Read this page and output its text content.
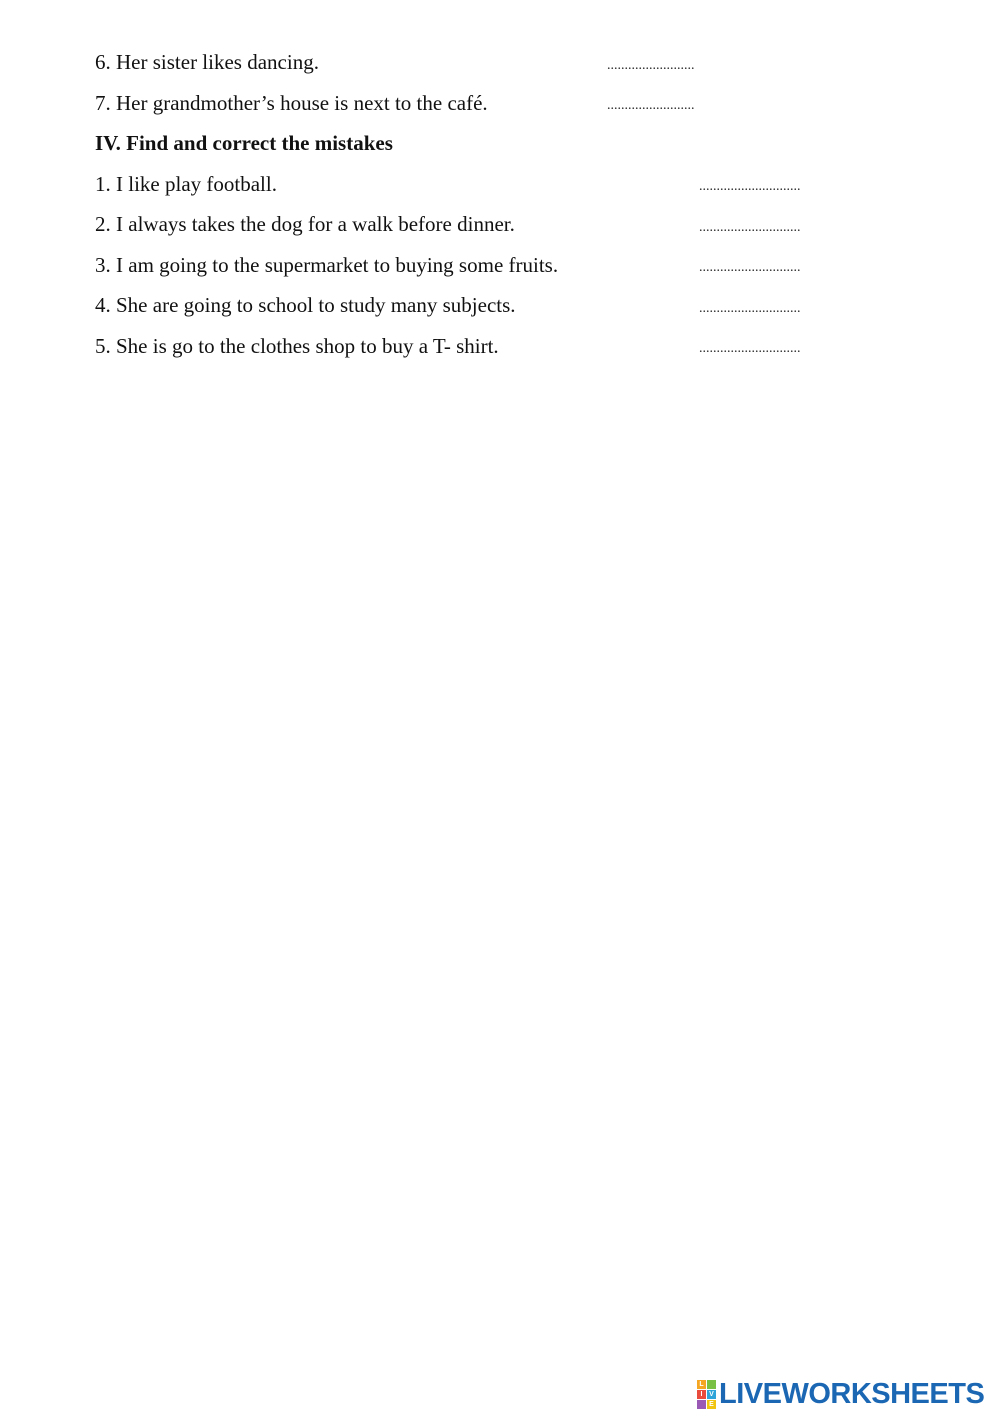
6. Her sister likes dancing.	.........................
7. Her grandmother’s house is next to the café.	.........................
IV. Find and correct the mistakes
1. I like play football.	.............................
2. I always takes the dog for a walk before dinner.	.............................
3. I am going to the supermarket to buying some fruits.	.............................
4. She are going to school to study many subjects.	.............................
5. She is go to the clothes shop to buy a T- shirt.	.............................
L
I V
E LIVEWORKSHEETS
